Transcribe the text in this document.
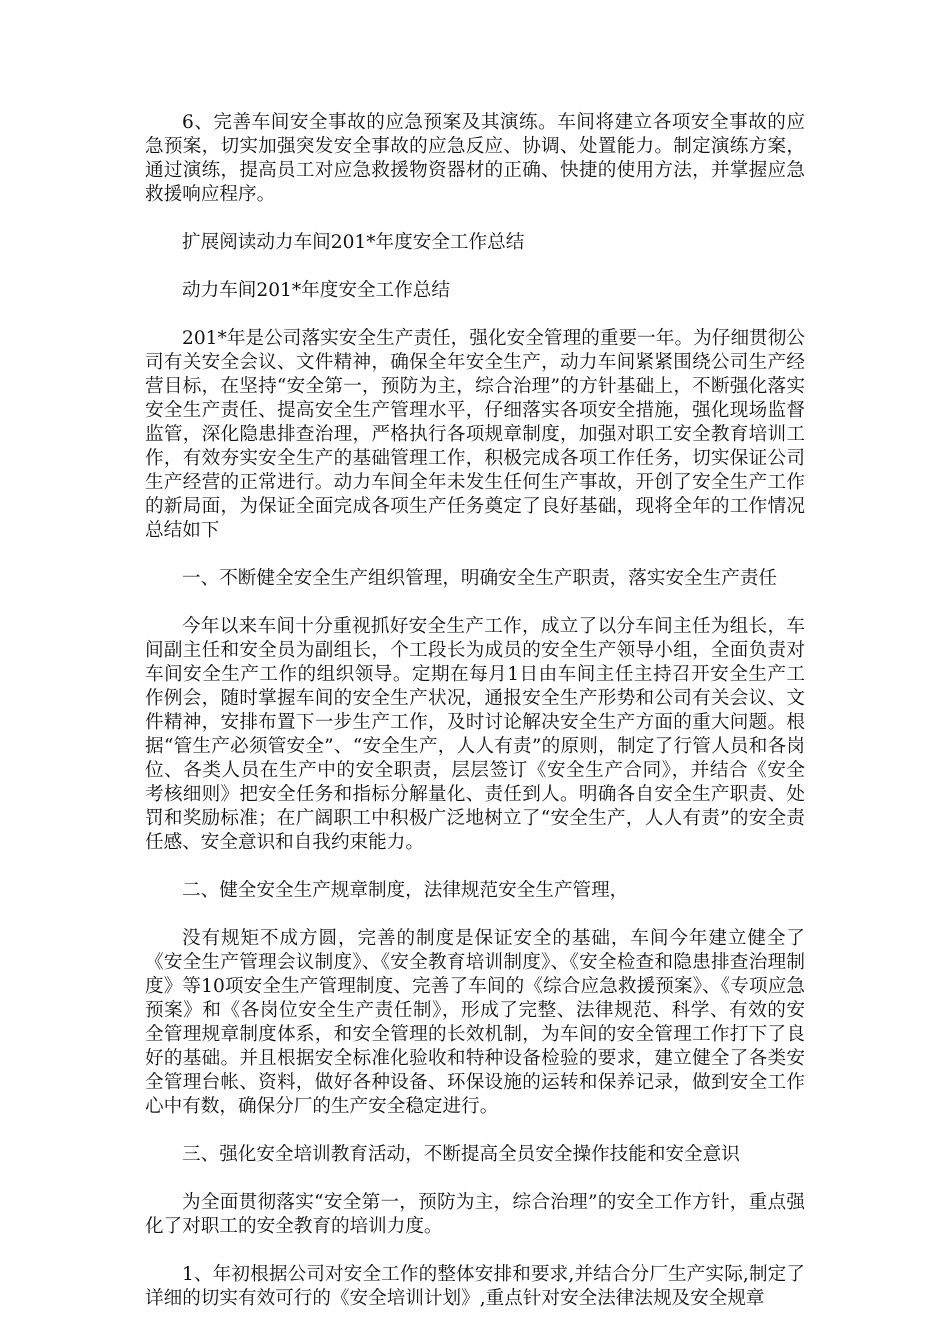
6、完善车间安全事故的应急预案及其演练。车间将建立各项安全事故的应急预案，切实加强突发安全事故的应急反应、协调、处置能力。制定演练方案，通过演练，提高员工对应急救援物资器材的正确、快捷的使用方法，并掌握应急救援响应程序。

扩展阅读动力车间201*年度安全工作总结

动力车间201*年度安全工作总结

201*年是公司落实安全生产责任，强化安全管理的重要一年。为仔细贯彻公司有关安全会议、文件精神，确保全年安全生产，动力车间紧紧围绕公司生产经营目标，在坚持“安全第一，预防为主，综合治理”的方针基础上，不断强化落实安全生产责任、提高安全生产管理水平，仔细落实各项安全措施，强化现场监督监管，深化隐患排查治理，严格执行各项规章制度，加强对职工安全教育培训工作，有效夯实安全生产的基础管理工作，积极完成各项工作任务，切实保证公司生产经营的正常进行。动力车间全年未发生任何生产事故，开创了安全生产工作的新局面，为保证全面完成各项生产任务奠定了良好基础，现将全年的工作情况总结如下

一、不断健全安全生产组织管理，明确安全生产职责，落实安全生产责任

今年以来车间十分重视抓好安全生产工作，成立了以分车间主任为组长，车间副主任和安全员为副组长，个工段长为成员的安全生产领导小组，全面负责对车间安全生产工作的组织领导。定期在每月1日由车间主任主持召开安全生产工作例会，随时掌握车间的安全生产状况，通报安全生产形势和公司有关会议、文件精神，安排布置下一步生产工作，及时讨论解决安全生产方面的重大问题。根据“管生产必须管安全”、“安全生产，人人有责”的原则，制定了行管人员和各岗位、各类人员在生产中的安全职责，层层签订《安全生产合同》，并结合《安全考核细则》把安全任务和指标分解量化、责任到人。明确各自安全生产职责、处罚和奖励标准；在广阔职工中积极广泛地树立了“安全生产，人人有责”的安全责任感、安全意识和自我约束能力。

二、健全安全生产规章制度，法律规范安全生产管理，

没有规矩不成方圆，完善的制度是保证安全的基础，车间今年建立健全了《安全生产管理会议制度》、《安全教育培训制度》、《安全检查和隐患排查治理制度》等10项安全生产管理制度、完善了车间的《综合应急救援预案》、《专项应急预案》和《各岗位安全生产责任制》，形成了完整、法律规范、科学、有效的安全管理规章制度体系，和安全管理的长效机制，为车间的安全管理工作打下了良好的基础。并且根据安全标准化验收和特种设备检验的要求，建立健全了各类安全管理台帐、资料，做好各种设备、环保设施的运转和保养记录，做到安全工作心中有数，确保分厂的生产安全稳定进行。

三、强化安全培训教育活动，不断提高全员安全操作技能和安全意识

为全面贯彻落实“安全第一，预防为主，综合治理”的安全工作方针，重点强化了对职工的安全教育的培训力度。

1、年初根据公司对安全工作的整体安排和要求,并结合分厂生产实际,制定了详细的切实有效可行的《安全培训计划》,重点针对安全法律法规及安全规章
